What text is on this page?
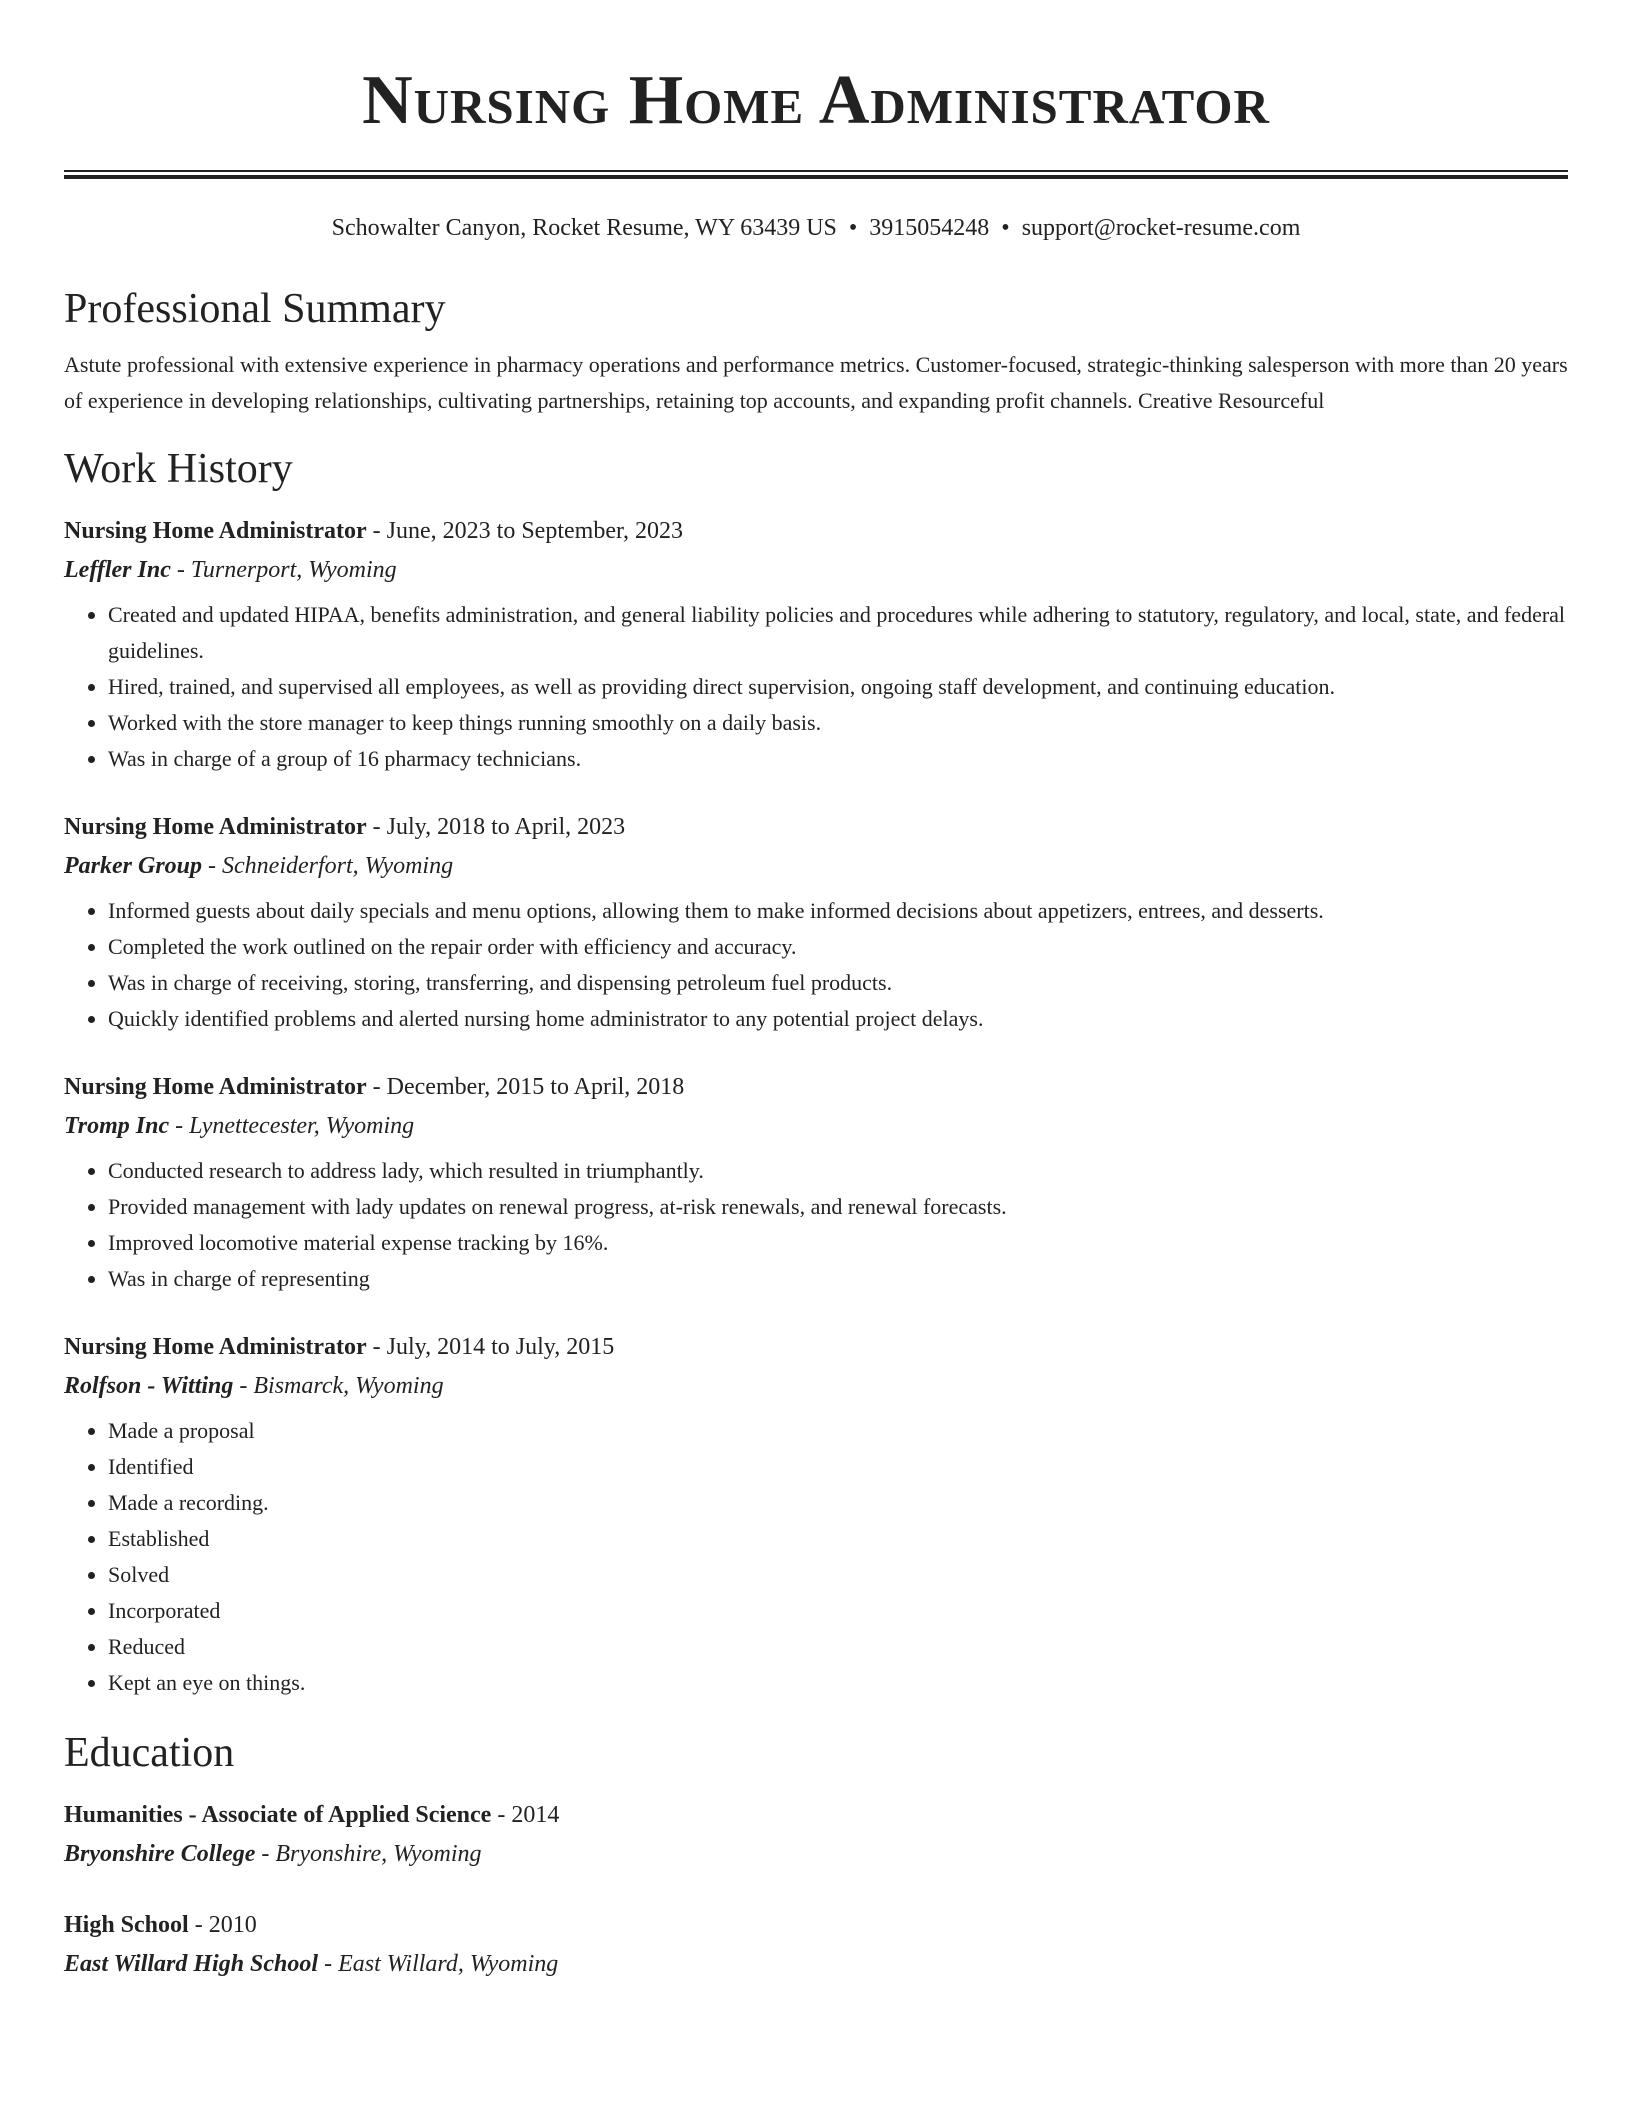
Nursing Home Administrator
Schowalter Canyon, Rocket Resume, WY 63439 US • 3915054248 • support@rocket-resume.com
Professional Summary
Astute professional with extensive experience in pharmacy operations and performance metrics. Customer-focused, strategic-thinking salesperson with more than 20 years of experience in developing relationships, cultivating partnerships, retaining top accounts, and expanding profit channels. Creative Resourceful
Work History
Nursing Home Administrator - June, 2023 to September, 2023
Leffler Inc - Turnerport, Wyoming
• Created and updated HIPAA, benefits administration, and general liability policies and procedures while adhering to statutory, regulatory, and local, state, and federal guidelines.
• Hired, trained, and supervised all employees, as well as providing direct supervision, ongoing staff development, and continuing education.
• Worked with the store manager to keep things running smoothly on a daily basis.
• Was in charge of a group of 16 pharmacy technicians.
Nursing Home Administrator - July, 2018 to April, 2023
Parker Group - Schneiderfort, Wyoming
• Informed guests about daily specials and menu options, allowing them to make informed decisions about appetizers, entrees, and desserts.
• Completed the work outlined on the repair order with efficiency and accuracy.
• Was in charge of receiving, storing, transferring, and dispensing petroleum fuel products.
• Quickly identified problems and alerted nursing home administrator to any potential project delays.
Nursing Home Administrator - December, 2015 to April, 2018
Tromp Inc - Lynettecester, Wyoming
• Conducted research to address lady, which resulted in triumphantly.
• Provided management with lady updates on renewal progress, at-risk renewals, and renewal forecasts.
• Improved locomotive material expense tracking by 16%.
• Was in charge of representing
Nursing Home Administrator - July, 2014 to July, 2015
Rolfson - Witting - Bismarck, Wyoming
• Made a proposal
• Identified
• Made a recording.
• Established
• Solved
• Incorporated
• Reduced
• Kept an eye on things.
Education
Humanities - Associate of Applied Science - 2014
Bryonshire College - Bryonshire, Wyoming
High School - 2010
East Willard High School - East Willard, Wyoming
